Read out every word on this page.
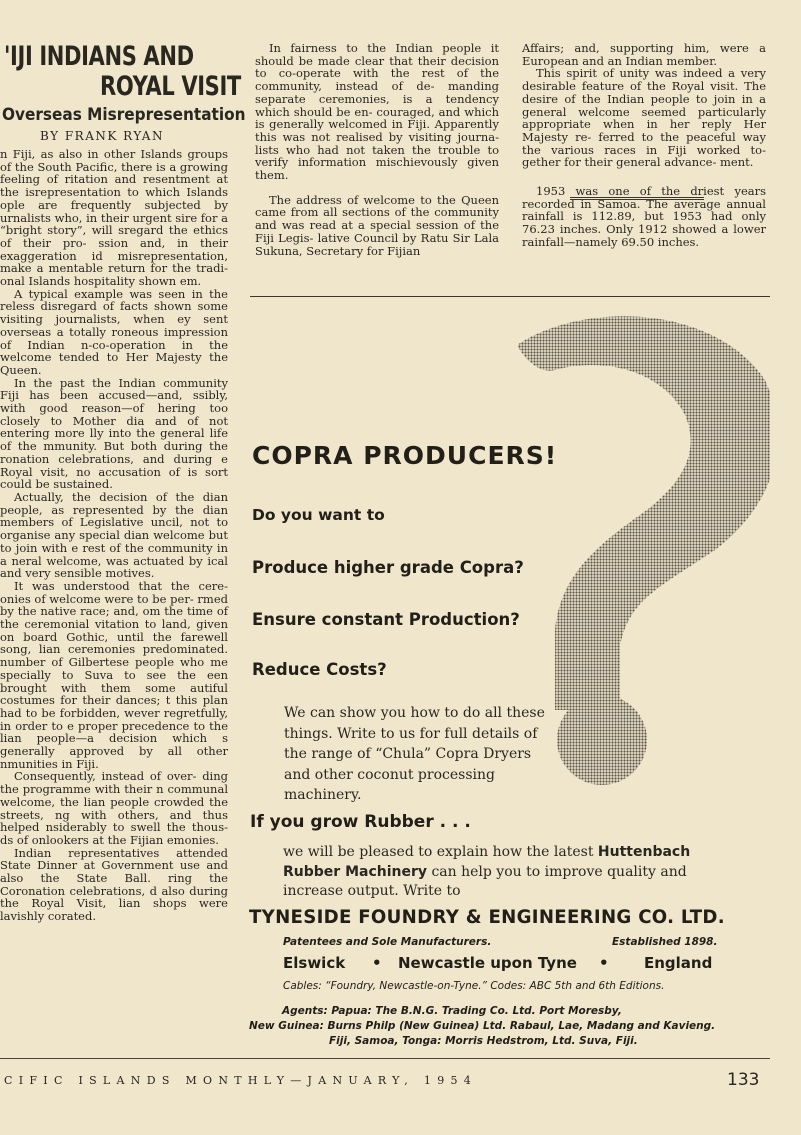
'IJI INDIANS AND
ROYAL VISIT
Overseas Misrepresentation
BY FRANK RYAN

n Fiji, as also in other Islands groups of the South Pacific, there is a growing feeling of ritation and resentment at the isrepresentation to which Islands ople are frequently subjected by urnalists who, in their urgent sire for a “bright story”, will sregard the ethics of their pro- ssion and, in their exaggeration id misrepresentation, make a mentable return for the tradi- onal Islands hospitality shown em.

A typical example was seen in the reless disregard of facts shown some visiting journalists, when ey sent overseas a totally roneous impression of Indian n-co-operation in the welcome tended to Her Majesty the Queen.

In the past the Indian community Fiji has been accused—and, ssibly, with good reason—of hering too closely to Mother dia and of not entering more lly into the general life of the mmunity. But both during the ronation celebrations, and during e Royal visit, no accusation of is sort could be sustained.

Actually, the decision of the dian people, as represented by the dian members of Legislative uncil, not to organise any special dian welcome but to join with e rest of the community in a neral welcome, was actuated by ical and very sensible motives.

It was understood that the cere- onies of welcome were to be per- rmed by the native race; and, om the time of the ceremonial vitation to land, given on board Gothic, until the farewell song, lian ceremonies predominated. number of Gilbertese people who me specially to Suva to see the een brought with them some autiful costumes for their dances; t this plan had to be forbidden, wever regretfully, in order to e proper precedence to the lian people—a decision which s generally approved by all other nmunities in Fiji.

Consequently, instead of over- ding the programme with their n communal welcome, the lian people crowded the streets, ng with others, and thus helped nsiderably to swell the thous- ds of onlookers at the Fijian emonies.

Indian representatives attended State Dinner at Government use and also the State Ball. ring the Coronation celebrations, d also during the Royal Visit, lian shops were lavishly corated.

In fairness to the Indian people it should be made clear that their decision to co-operate with the rest of the community, instead of de- manding separate ceremonies, is a tendency which should be en- couraged, and which is generally welcomed in Fiji. Apparently this was not realised by visiting journa- lists who had not taken the trouble to verify information mischievously given them.

The address of welcome to the Queen came from all sections of the community and was read at a special session of the Fiji Legis- lative Council by Ratu Sir Lala Sukuna, Secretary for Fijian

Affairs; and, supporting him, were a European and an Indian member.

This spirit of unity was indeed a very desirable feature of the Royal visit. The desire of the Indian people to join in a general welcome seemed particularly appropriate when in her reply Her Majesty re- ferred to the peaceful way the various races in Fiji worked to- gether for their general advance- ment.

1953 was one of the driest years recorded in Samoa. The average annual rainfall is 112.89, but 1953 had only 76.23 inches. Only 1912 showed a lower rainfall—namely 69.50 inches.

COPRA PRODUCERS!
Do you want to
Produce higher grade Copra?
Ensure constant Production?
Reduce Costs?
We can show you how to do all these things. Write to us for full details of the range of “Chula” Copra Dryers and other coconut processing machinery.
If you grow Rubber . . .
we will be pleased to explain how the latest Huttenbach Rubber Machinery can help you to improve quality and increase output. Write to
TYNESIDE FOUNDRY & ENGINEERING CO. LTD.
Patentees and Sole Manufacturers.	Established 1898.
Elswick • Newcastle upon Tyne • England
Cables: “Foundry, Newcastle-on-Tyne.” Codes: ABC 5th and 6th Editions.
Agents: Papua: The B.N.G. Trading Co. Ltd. Port Moresby,
New Guinea: Burns Philp (New Guinea) Ltd. Rabaul, Lae, Madang and Kavieng.
Fiji, Samoa, Tonga: Morris Hedstrom, Ltd. Suva, Fiji.
CIFIC ISLANDS MONTHLY—JANUARY, 1954	133
